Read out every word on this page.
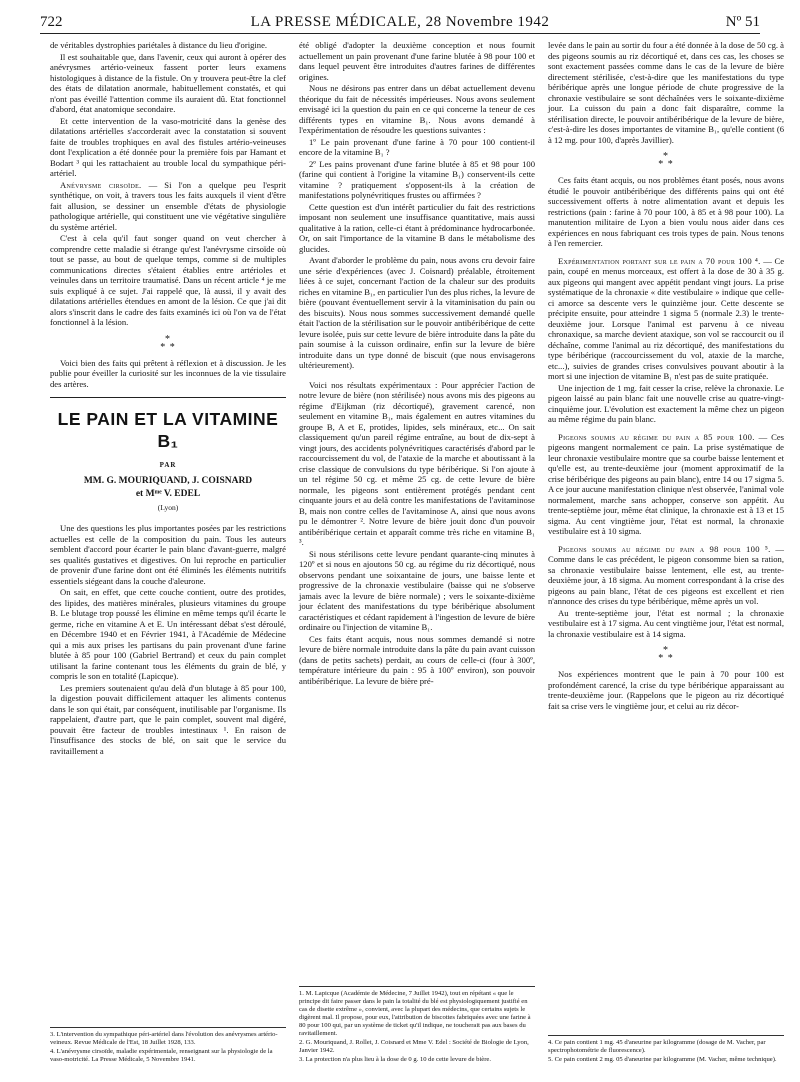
722	LA PRESSE MÉDICALE, 28 Novembre 1942	Nº 51

de véritables dystrophies pariétales à distance du lieu d'origine.

Il est souhaitable que, dans l'avenir, ceux qui auront à opérer des anévrysmes artério-veineux fassent porter leurs examens histologiques à distance de la fistule. On y trouvera peut-être la clef des états de dilatation anormale, habituellement constatés, et qui n'ont pas éveillé l'attention comme ils auraient dû. Etat fonctionnel d'abord, état anatomique secondaire.

Et cette intervention de la vaso-motricité dans la genèse des dilatations artérielles s'accorderait avec la constatation si souvent faite de troubles trophiques en aval des fistules artério-veineuses dont l'explication a été donnée pour la première fois par Hamant et Bodart ³ qui les rattachaient au trouble local du sympathique péri-artériel.

Anévrysme cirsoïde. — Si l'on a quelque peu l'esprit synthétique, on voit, à travers tous les faits auxquels il vient d'être fait allusion, se dessiner un ensemble d'états de physiologie pathologique artérielle, qui constituent une vie végétative singulière du système artériel.

C'est à cela qu'il faut songer quand on veut chercher à comprendre cette maladie si étrange qu'est l'anévrysme cirsoïde où tout se passe, au bout de quelque temps, comme si de multiples communications directes s'étaient établies entre artérioles et veinules dans un territoire traumatisé. Dans un récent article ⁴ je me suis expliqué à ce sujet. J'ai rappelé que, là aussi, il y avait des dilatations artérielles étendues en amont de la lésion. Ce que j'ai dit alors s'inscrit dans le cadre des faits examinés ici où l'on va de l'état fonctionnel à la lésion.

*
* *

Voici bien des faits qui prêtent à réflexion et à discussion. Je les publie pour éveiller la curiosité sur les inconnues de la vie tissulaire des artères.

LE PAIN ET LA VITAMINE B₁
PAR
MM. G. MOURIQUAND, J. COISNARD
et Mᵐᵉ V. EDEL
(Lyon)

Une des questions les plus importantes posées par les restrictions actuelles est celle de la composition du pain. Tous les auteurs semblent d'accord pour écarter le pain blanc d'avant-guerre, malgré ses qualités gustatives et digestives. On lui reproche en particulier de provenir d'une farine dont ont été éliminés les éléments nutritifs essentiels siégeant dans la couche d'aleurone.

On sait, en effet, que cette couche contient, outre des protides, des lipides, des matières minérales, plusieurs vitamines du groupe B. Le blutage trop poussé les élimine en même temps qu'il écarte le germe, riche en vitamine A et E. Un intéressant débat s'est déroulé, en Décembre 1940 et en Février 1941, à l'Académie de Médecine qui a mis aux prises les partisans du pain provenant d'une farine blutée à 85 pour 100 (Gabriel Bertrand) et ceux du pain complet utilisant la farine contenant tous les éléments du grain de blé, y compris le son en totalité (Lapicque).

Les premiers soutenaient qu'au delà d'un blutage à 85 pour 100, la digestion pouvait difficilement attaquer les aliments contenus dans le son qui était, par conséquent, inutilisable par l'organisme. Ils rappelaient, d'autre part, que le pain complet, souvent mal digéré, pouvait être facteur de troubles intestinaux ¹. En raison de l'insuffisance des stocks de blé, on sait que le service du ravitaillement a

3. L'intervention du sympathique péri-artériel dans l'évolution des anévrysmes artério-veineux. Revue Médicale de l'Est, 18 Juillet 1928, 133.

4. L'anévrysme cirsoïde, maladie expérimentale, renseignant sur la physiologie de la vaso-motricité. La Presse Médicale, 5 Novembre 1941.

été obligé d'adopter la deuxième conception et nous fournit actuellement un pain provenant d'une farine blutée à 98 pour 100 et dans lequel peuvent être introduites d'autres farines de différentes origines.

Nous ne désirons pas entrer dans un débat actuellement devenu théorique du fait de nécessités impérieuses. Nous avons seulement envisagé ici la question du pain en ce qui concerne la teneur de ces différents types en vitamine B₁. Nous avons demandé à l'expérimentation de résoudre les questions suivantes :

1º Le pain provenant d'une farine à 70 pour 100 contient-il encore de la vitamine B₁ ?

2º Les pains provenant d'une farine blutée à 85 et 98 pour 100 (farine qui contient à l'origine la vitamine B₁) conservent-ils cette vitamine ? pratiquement s'opposent-ils à la création de manifestations polynévritiques frustes ou affirmées ?

Cette question est d'un intérêt particulier du fait des restrictions imposant non seulement une insuffisance quantitative, mais aussi qualitative à la ration, celle-ci étant à prédominance hydrocarbonée. Or, on sait l'importance de la vitamine B dans le métabolisme des glucides.

Avant d'aborder le problème du pain, nous avons cru devoir faire une série d'expériences (avec J. Coisnard) préalable, étroitement liées à ce sujet, concernant l'action de la chaleur sur des produits riches en vitamine B₁, en particulier l'un des plus riches, la levure de bière (pouvant éventuellement servir à la vitaminisation du pain ou des biscuits). Nous nous sommes successivement demandé quelle était l'action de la stérilisation sur le pouvoir antibéribérique de cette levure isolée, puis sur cette levure de bière introduite dans la pâte du pain soumise à la cuisson ordinaire, enfin sur la levure de bière introduite dans un type donné de biscuit (que nous envisagerons ultérieurement).

Voici nos résultats expérimentaux : Pour apprécier l'action de notre levure de bière (non stérilisée) nous avons mis des pigeons au régime d'Eijkman (riz décortiqué), gravement carencé, non seulement en vitamine B₁, mais également en autres vitamines du groupe B, A et E, protides, lipides, sels minéraux, etc... On sait classiquement qu'un pareil régime entraîne, au bout de dix-sept à vingt jours, des accidents polynévritiques caractérisés d'abord par le raccourcissement du vol, de l'ataxie de la marche et aboutissant à la crise classique de convulsions du type béribérique. Si l'on ajoute à un tel régime 50 cg. et même 25 cg. de cette levure de bière normale, les pigeons sont entièrement protégés pendant cent cinquante jours et au delà contre les manifestations de l'avitaminose B, mais non contre celles de l'avitaminose A, ainsi que nous avons pu le démontrer ². Notre levure de bière jouit donc d'un pouvoir antibéribérique certain et apparaît comme très riche en vitamine B₁ ³.

Si nous stérilisons cette levure pendant quarante-cinq minutes à 120º et si nous en ajoutons 50 cg. au régime du riz décortiqué, nous observons pendant une soixantaine de jours, une baisse lente et progressive de la chronaxie vestibulaire (baisse qui ne s'observe jamais avec la levure de bière normale) ; vers le soixante-dixième jour éclatent des manifestations du type béribérique absolument caractéristiques et cédant rapidement à l'ingestion de levure de bière ordinaire ou l'injection de vitamine B₁.

Ces faits étant acquis, nous nous sommes demandé si notre levure de bière normale introduite dans la pâte du pain avant cuisson (dans de petits sachets) perdait, au cours de celle-ci (four à 300º, température intérieure du pain : 95 à 100º environ), son pouvoir antibéribérique. La levure de bière pré-

1. M. Lapicque (Académie de Médecine, 7 Juillet 1942), tout en répétant « que le principe dit faire passer dans le pain la totalité du blé est physiologiquement justifié en cas de disette extrême », convient, avec la plupart des médecins, que certains sujets le digèrent mal. Il propose, pour eux, l'attribution de biscottes fabriquées avec une farine à 80 pour 100 qui, par un système de ticket qu'il indique, ne toucherait pas aux bases du ravitaillement.

2. G. Mouriquand, J. Rollet, J. Coisnard et Mme V. Edel : Société de Biologie de Lyon, Janvier 1942.

3. La protection n'a plus lieu à la dose de 0 g. 10 de cette levure de bière.

levée dans le pain au sortir du four a été donnée à la dose de 50 cg. à des pigeons soumis au riz décortiqué et, dans ces cas, les choses se sont exactement passées comme dans le cas de la levure de bière directement stérilisée, c'est-à-dire que les manifestations du type béribérique après une longue période de chute progressive de la chronaxie vestibulaire se sont déchaînées vers le soixante-dixième jour. La cuisson du pain a donc fait disparaître, comme la stérilisation directe, le pouvoir antibéribérique de la levure de bière, c'est-à-dire les doses importantes de vitamine B₁, qu'elle contient (6 à 12 mg. pour 100, d'après Javillier).

*
* *

Ces faits étant acquis, ou nos problèmes étant posés, nous avons étudié le pouvoir antibéribérique des différents pains qui ont été successivement offerts à notre alimentation avant et depuis les restrictions (pain : farine à 70 pour 100, à 85 et à 98 pour 100). La manutention militaire de Lyon a bien voulu nous aider dans ces expériences en nous fabriquant ces trois types de pain. Nous tenons à l'en remercier.

Expérimentation portant sur le pain a 70 pour 100 ⁴. — Ce pain, coupé en menus morceaux, est offert à la dose de 30 à 35 g. aux pigeons qui mangent avec appétit pendant vingt jours. La prise systématique de la chronaxie « dite vestibulaire » indique que celle-ci amorce sa descente vers le quinzième jour. Cette descente se précipite ensuite, pour atteindre 1 sigma 5 (normale 2.3) le trente-deuxième jour. Lorsque l'animal est parvenu à ce niveau chronaxique, sa marche devient ataxique, son vol se raccourcit ou il déchaîne, comme l'animal au riz décortiqué, des manifestations du type béribérique (raccourcissement du vol, ataxie de la marche, etc...), suivies de grandes crises convulsives pouvant aboutir à la mort si une injection de vitamine B₁ n'est pas de suite pratiquée.

Une injection de 1 mg. fait cesser la crise, relève la chronaxie. Le pigeon laissé au pain blanc fait une nouvelle crise au quatre-vingt-cinquième jour. L'évolution est exactement la même chez un pigeon au même régime du pain blanc.

Pigeons soumis au régime du pain a 85 pour 100. — Ces pigeons mangent normalement ce pain. La prise systématique de leur chronaxie vestibulaire montre que sa courbe baisse lentement et qu'elle est, au trente-deuxième jour (moment approximatif de la crise béribérique des pigeons au pain blanc), entre 14 ou 17 sigma 5. A ce jour aucune manifestation clinique n'est observée, l'animal vole normalement, marche sans achopper, conserve son appétit. Au trente-septième jour, même état clinique, la chronaxie est à 13 et 15 sigma. Au cent vingtième jour, l'état est normal, la chronaxie vestibulaire est à 10 sigma.

Pigeons soumis au régime du pain a 98 pour 100 ⁵. — Comme dans le cas précédent, le pigeon consomme bien sa ration, sa chronaxie vestibulaire baisse lentement, elle est, au trente-deuxième jour, à 18 sigma. Au moment correspondant à la crise des pigeons au pain blanc, l'état de ces pigeons est excellent et rien n'annonce des crises du type béribérique, même après un vol.

Au trente-septième jour, l'état est normal ; la chronaxie vestibulaire est à 17 sigma. Au cent vingtième jour, l'état est normal, la chronaxie vestibulaire est à 14 sigma.

*
* *

Nos expériences montrent que le pain à 70 pour 100 est profondément carencé, la crise du type béribérique apparaissant au trente-deuxième jour. (Rappelons que le pigeon au riz décortiqué fait sa crise vers le vingtième jour, et celui au riz décor-

4. Ce pain contient 1 mg. 45 d'aneurine par kilogramme (dosage de M. Vacher, par spectrophotométrie de fluorescence).

5. Ce pain contient 2 mg. 05 d'aneurine par kilogramme (M. Vacher, même technique).
